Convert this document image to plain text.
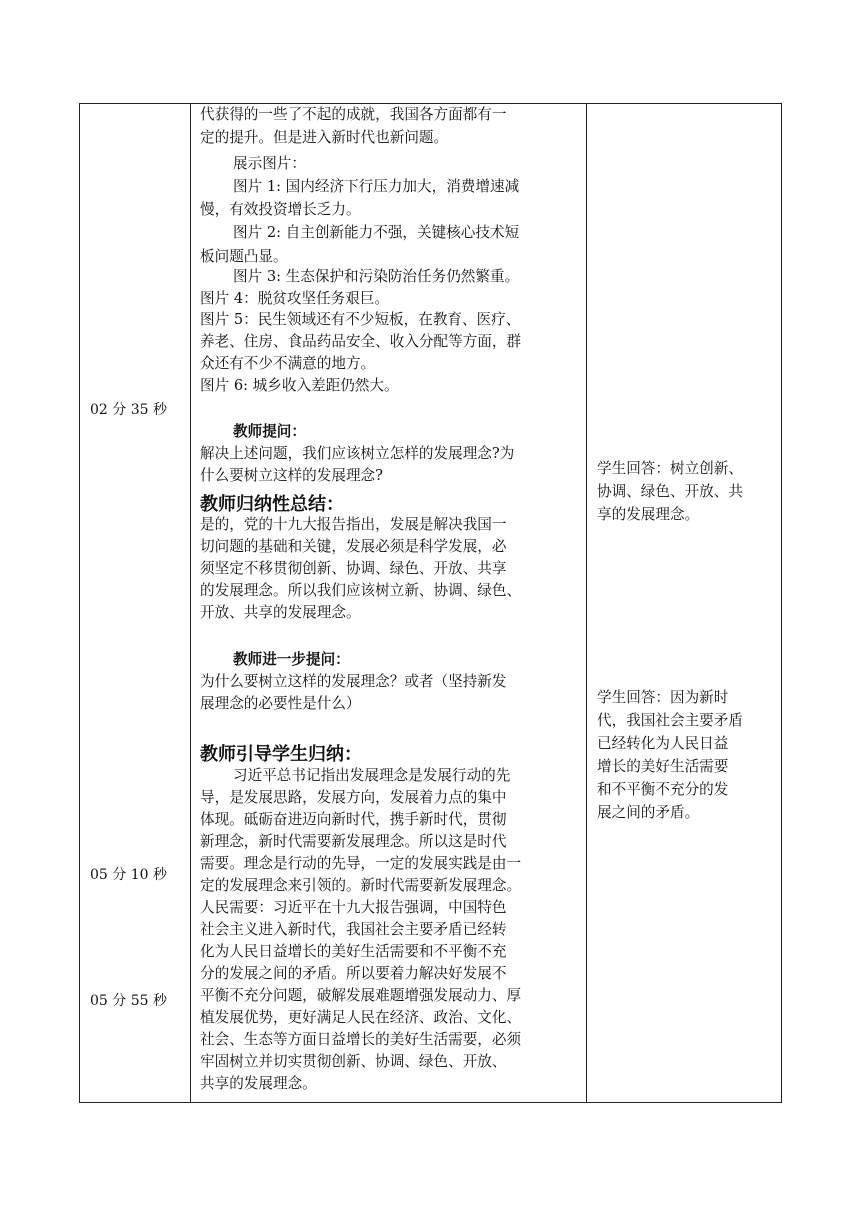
02 分 35 秒
05 分 10 秒
05 分 55 秒
代获得的一些了不起的成就，我国各方面都有一
定的提升。但是进入新时代也新问题。
展示图片：
图片 1: 国内经济下行压力加大，消费增速减
慢，有效投资增长乏力。
图片 2: 自主创新能力不强，关键核心技术短
板问题凸显。
图片 3: 生态保护和污染防治任务仍然繁重。
图片 4：脱贫攻坚任务艰巨。
图片 5：民生领域还有不少短板，在教育、医疗、
养老、住房、食品药品安全、收入分配等方面，群
众还有不少不满意的地方。
图片 6: 城乡收入差距仍然大。
教师提问：
解决上述问题，我们应该树立怎样的发展理念?为
什么要树立这样的发展理念?
教师归纳性总结：
是的，党的十九大报告指出，发展是解决我国一
切问题的基础和关键，发展必须是科学发展，必
须坚定不移贯彻创新、协调、绿色、开放、共享
的发展理念。所以我们应该树立新、协调、绿色、
开放、共享的发展理念。
教师进一步提问：
为什么要树立这样的发展理念？或者（坚持新发
展理念的必要性是什么）
教师引导学生归纳：
习近平总书记指出发展理念是发展行动的先
导，是发展思路，发展方向，发展着力点的集中
体现。砥砺奋进迈向新时代，携手新时代，贯彻
新理念，新时代需要新发展理念。所以这是时代
需要。理念是行动的先导，一定的发展实践是由一
定的发展理念来引领的。新时代需要新发展理念。
人民需要：习近平在十九大报告强调，中国特色
社会主义进入新时代，我国社会主要矛盾已经转
化为人民日益增长的美好生活需要和不平衡不充
分的发展之间的矛盾。所以要着力解决好发展不
平衡不充分问题，破解发展难题增强发展动力、厚
植发展优势，更好满足人民在经济、政治、文化、
社会、生态等方面日益增长的美好生活需要，必须
牢固树立并切实贯彻创新、协调、绿色、开放、
共享的发展理念。
学生回答：树立创新、
协调、绿色、开放、共
享的发展理念。
学生回答：因为新时
代，我国社会主要矛盾
已经转化为人民日益
增长的美好生活需要
和不平衡不充分的发
展之间的矛盾。
